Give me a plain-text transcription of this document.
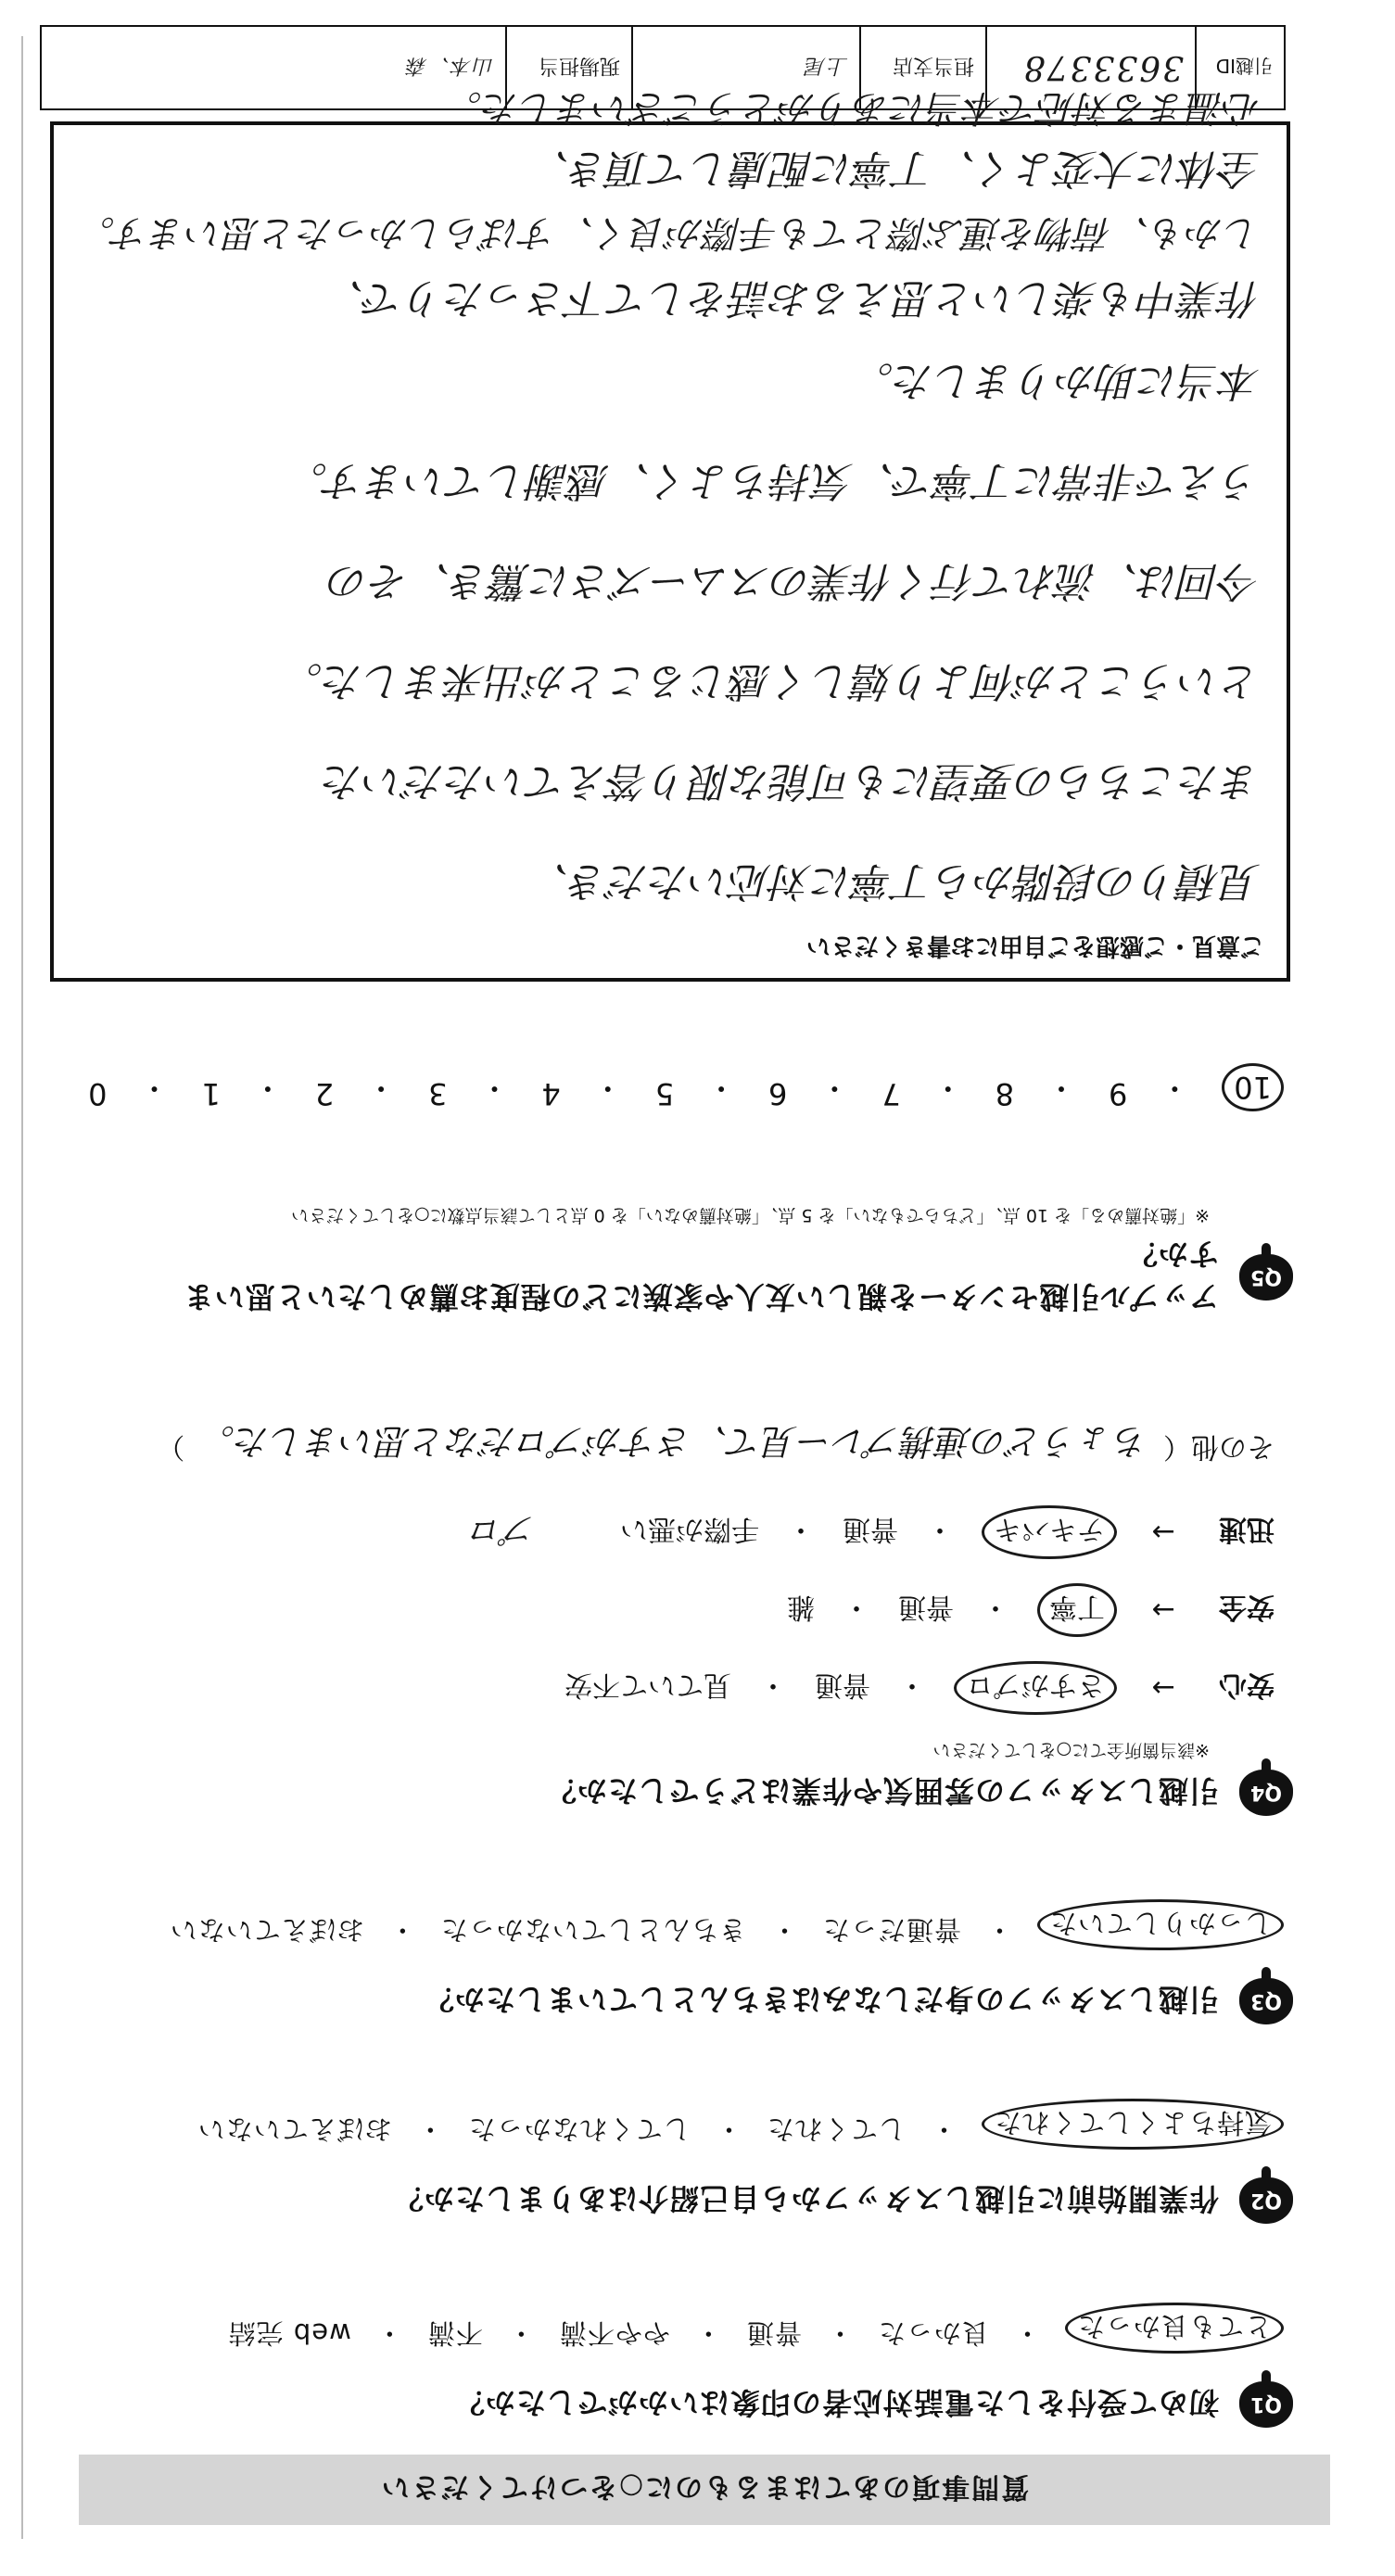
質問事項のあてはまるものに○をつけてください
Q1
初めて受付をした電話対応者の印象はいかがでしたか？
とても良かった
・
良かった
・
普通
・
やや不満
・
不満
・
web 完結
Q2
作業開始前に引越しスタッフから自己紹介はありましたか？
気持ちよくしてくれた
・
してくれた
・
してくれなかった
・
おぼえていない
Q3
引越しスタッフの身だしなみはきちんとしていましたか？
しっかりしていた
・
普通だった
・
きちんとしていなかった
・
おぼえていない
Q4
引越しスタッフの雰囲気や作業はどうでしたか？
※該当箇所全てに○をしてください
安心
→
さすがプロ
・
普通
・
見ていて不安
安全
→
丁寧
・
普通
・
雑
迅速
→
テキパキ
・
普通
・
手際が悪い
プロ
その他（
ちょうどの連携プレー見て、さすがプロだなと思いました。
）
Q5
アップル引越センターを親しい友人や家族にどの程度お薦めしたいと思いますか？
※「絶対薦める」を 10 点、「どちらでもない」を 5 点、「絶対薦めない」を 0 点として該当点数に○をしてください
10
・
9
・
8
・
7
・
6
・
5
・
4
・
3
・
2
・
1
・
0
ご意見・ご感想をご自由にお書きください
見積りの段階から丁寧に対応いただき、
またこちらの要望にも可能な限り答えていただいた
ということが何より嬉しく感じることが出来ました。
今回は、流れて行く作業のスムーズさに驚き、その
うえで非常に丁寧で、気持ちよく、感謝しています。
本当に助かりました。
作業中も楽しいと思えるお話をして下さったりで、
しかも、荷物を運ぶ際とても手際が良く、すばらしかったと思います。
全体に大変よく、丁寧に配慮して頂き、
心温まる対応で本当にありがとうございました。
引越ID
3633378
担当支店
上尾
現場担当
山本、森
